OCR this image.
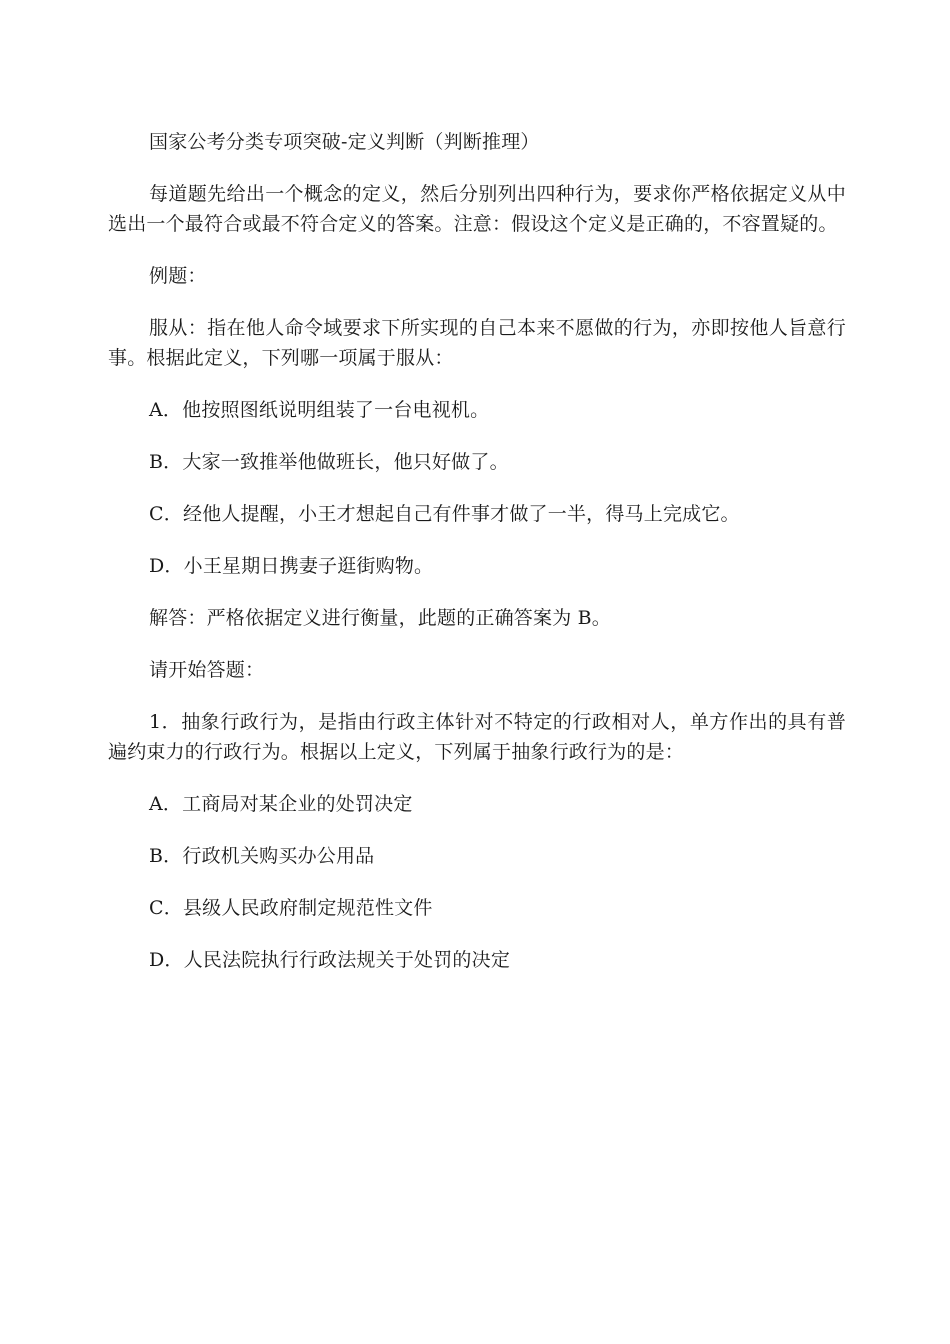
国家公考分类专项突破-定义判断（判断推理）

每道题先给出一个概念的定义，然后分别列出四种行为，要求你严格依据定义从中选出一个最符合或最不符合定义的答案。注意：假设这个定义是正确的，不容置疑的。

例题：

服从：指在他人命令域要求下所实现的自己本来不愿做的行为，亦即按他人旨意行事。根据此定义，下列哪一项属于服从：

A．他按照图纸说明组装了一台电视机。

B．大家一致推举他做班长，他只好做了。

C．经他人提醒，小王才想起自己有件事才做了一半，得马上完成它。

D．小王星期日携妻子逛街购物。

解答：严格依据定义进行衡量，此题的正确答案为 B。

请开始答题：

1．抽象行政行为，是指由行政主体针对不特定的行政相对人，单方作出的具有普遍约束力的行政行为。根据以上定义，下列属于抽象行政行为的是：

A．工商局对某企业的处罚决定

B．行政机关购买办公用品

C．县级人民政府制定规范性文件

D．人民法院执行行政法规关于处罚的决定
